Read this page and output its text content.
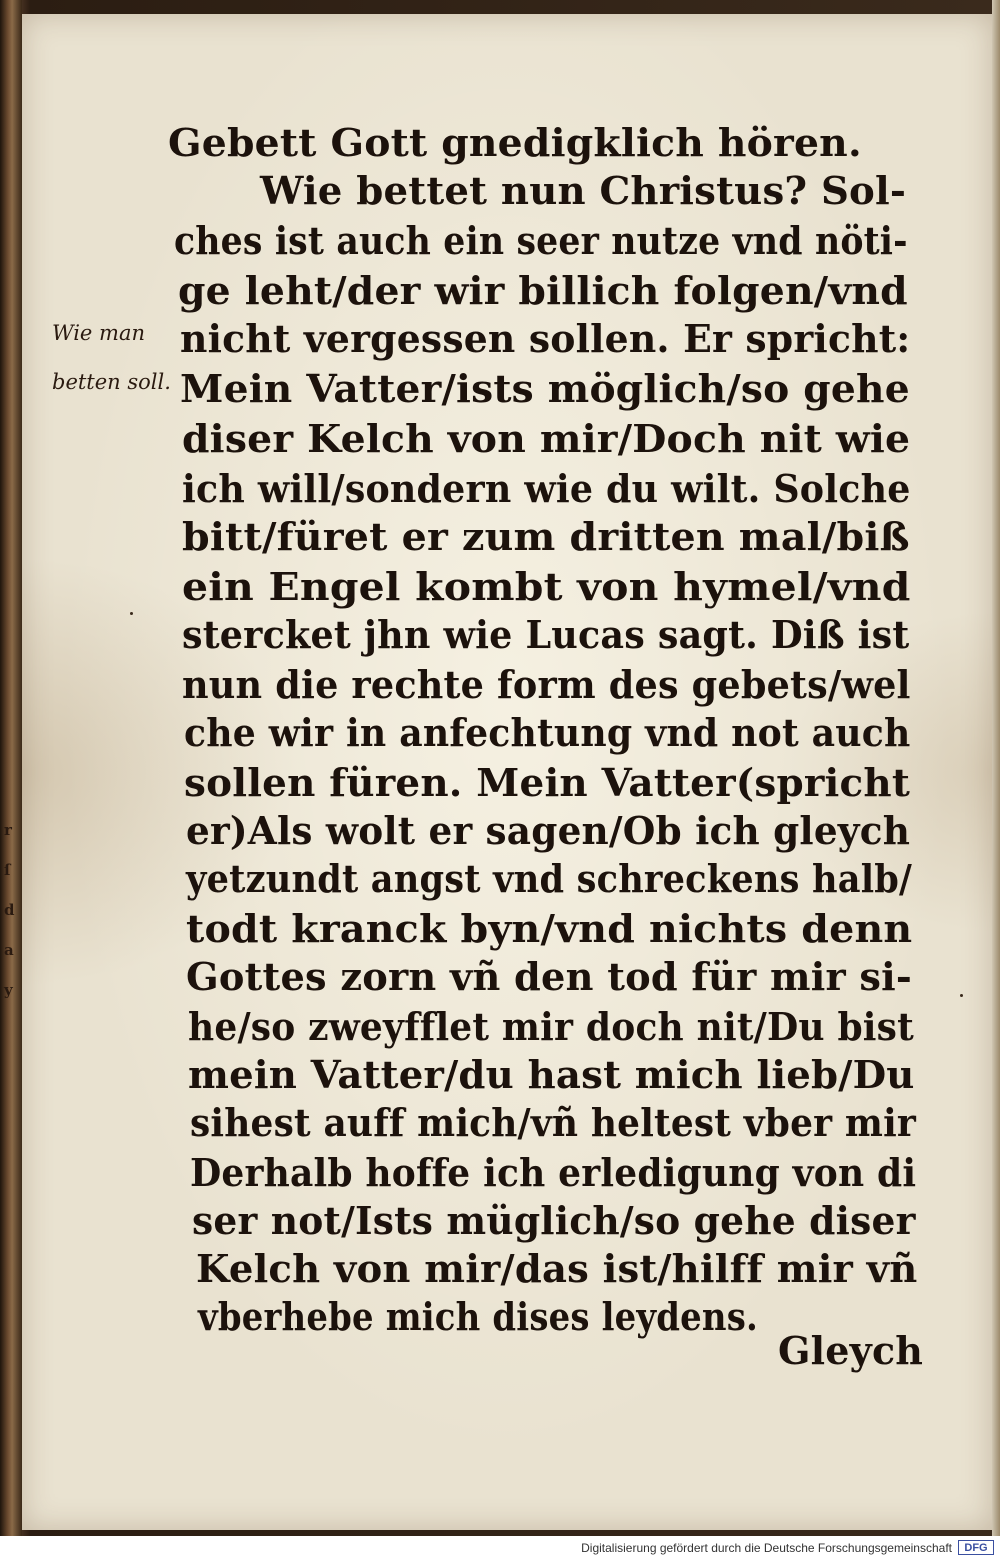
Gebett Gott gnedigklich hören.
Wie bettet nun Christus? Sol-
ches ist auch ein seer nutze vnd nöti-
ge leht/der wir billich folgen/vnd
nicht vergessen sollen. Er spricht:
Mein Vatter/ists möglich/so gehe
diser Kelch von mir/Doch nit wie
ich will/sondern wie du wilt. Solche
bitt/füret er zum dritten mal/biß
ein Engel kombt von hymel/vnd
stercket jhn wie Lucas sagt. Diß ist
nun die rechte form des gebets/wel
che wir in anfechtung vnd not auch
sollen füren. Mein Vatter(spricht
er)Als wolt er sagen/Ob ich gleych
yetzundt angst vnd schreckens halb/
todt kranck byn/vnd nichts denn
Gottes zorn vñ den tod für mir si-
he/so zweyfflet mir doch nit/Du bist
mein Vatter/du hast mich lieb/Du
sihest auff mich/vñ heltest vber mir
Derhalb hoffe ich erledigung von di
ser not/Ists müglich/so gehe diser
Kelch von mir/das ist/hilff mir vñ
vberhebe mich dises leydens.
Wie man
betten soll.
Gleych
r
ſ
d
a
y
Digitalisierung gefördert durch die Deutsche Forschungsgemeinschaft	DFG
